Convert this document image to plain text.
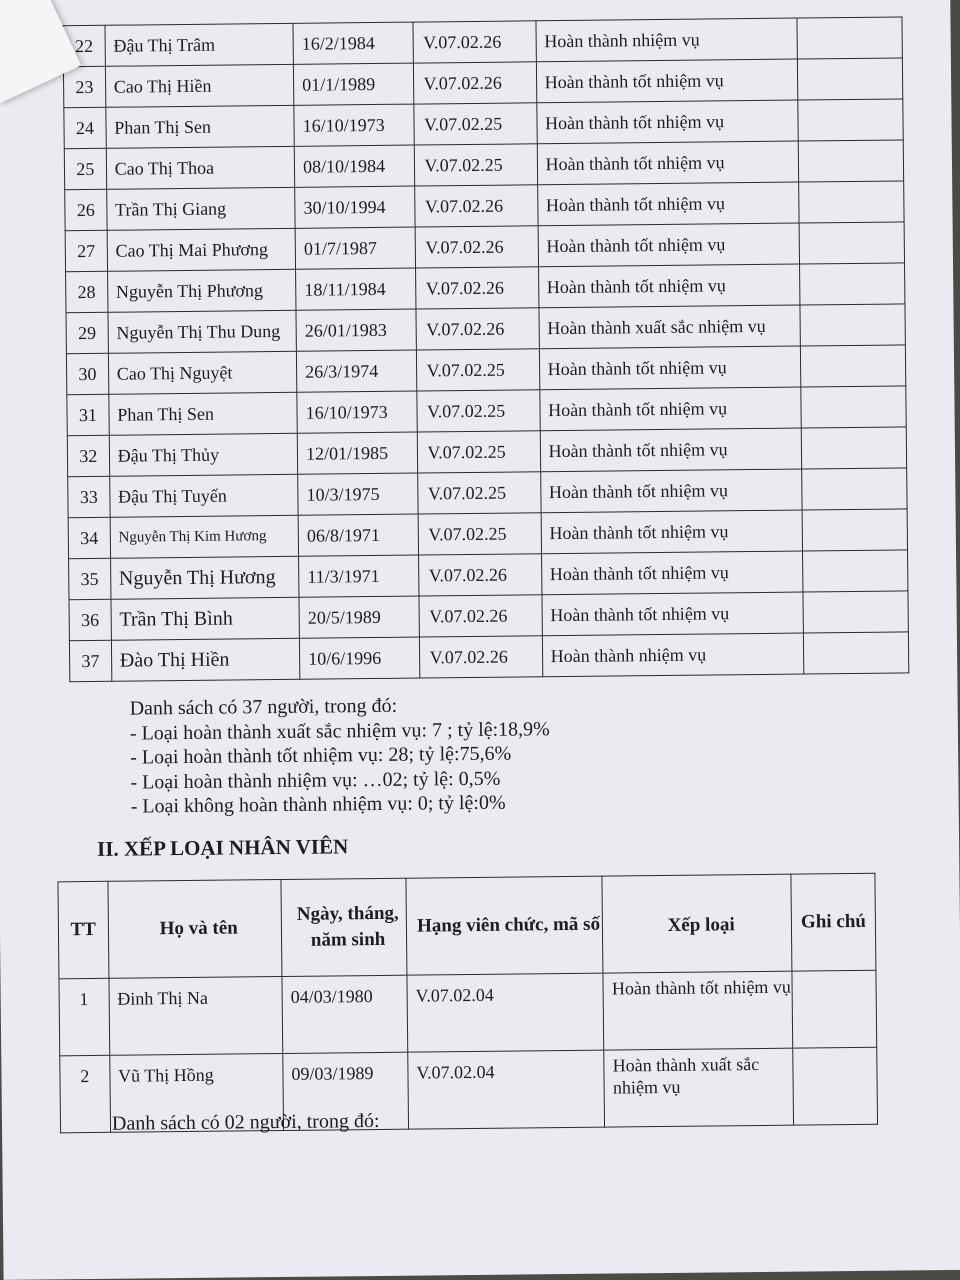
22	Đậu Thị Trâm	16/2/1984	V.07.02.26	Hoàn thành nhiệm vụ	
23	Cao Thị Hiền	01/1/1989	V.07.02.26	Hoàn thành tốt nhiệm vụ	
24	Phan Thị Sen	16/10/1973	V.07.02.25	Hoàn thành tốt nhiệm vụ	
25	Cao Thị Thoa	08/10/1984	V.07.02.25	Hoàn thành tốt nhiệm vụ	
26	Trần Thị Giang	30/10/1994	V.07.02.26	Hoàn thành tốt nhiệm vụ	
27	Cao Thị Mai Phương	01/7/1987	V.07.02.26	Hoàn thành tốt nhiệm vụ	
28	Nguyễn Thị Phương	18/11/1984	V.07.02.26	Hoàn thành tốt nhiệm vụ	
29	Nguyễn Thị Thu Dung	26/01/1983	V.07.02.26	Hoàn thành xuất sắc nhiệm vụ	
30	Cao Thị Nguyệt	26/3/1974	V.07.02.25	Hoàn thành tốt nhiệm vụ	
31	Phan Thị Sen	16/10/1973	V.07.02.25	Hoàn thành tốt nhiệm vụ	
32	Đậu Thị Thủy	12/01/1985	V.07.02.25	Hoàn thành tốt nhiệm vụ	
33	Đậu Thị Tuyến	10/3/1975	V.07.02.25	Hoàn thành tốt nhiệm vụ	
34	Nguyễn Thị Kim Hương	06/8/1971	V.07.02.25	Hoàn thành tốt nhiệm vụ	
35	Nguyễn Thị Hương	11/3/1971	V.07.02.26	Hoàn thành tốt nhiệm vụ	
36	Trần Thị Bình	20/5/1989	V.07.02.26	Hoàn thành tốt nhiệm vụ	
37	Đào Thị Hiền	10/6/1996	V.07.02.26	Hoàn thành nhiệm vụ	
Danh sách có 37 người, trong đó:
- Loại hoàn thành xuất sắc nhiệm vụ: 7 ; tỷ lệ:18,9%
- Loại hoàn thành tốt nhiệm vụ: 28; tỷ lệ:75,6%
- Loại hoàn thành nhiệm vụ: …02; tỷ lệ: 0,5%
- Loại không hoàn thành nhiệm vụ: 0; tỷ lệ:0%
II. XẾP LOẠI NHÂN VIÊN
TT	Họ và tên	Ngày, tháng, năm sinh	Hạng viên chức, mã số	Xếp loại	Ghi chú
1	Đinh Thị Na	04/03/1980	V.07.02.04	Hoàn thành tốt nhiệm vụ	
2	Vũ Thị Hồng	09/03/1989	V.07.02.04	Hoàn thành xuất sắc nhiệm vụ	
Danh sách có 02 người, trong đó:
